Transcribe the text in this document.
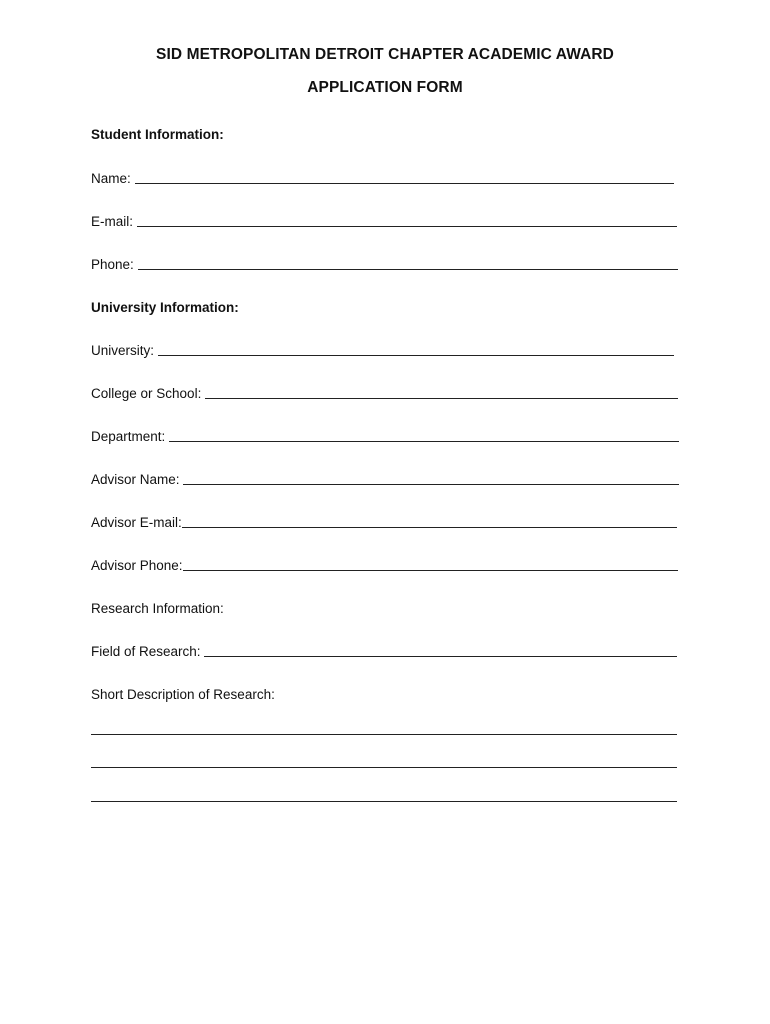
SID METROPOLITAN DETROIT CHAPTER ACADEMIC AWARD
APPLICATION FORM
Student Information:
Name:
E-mail:
Phone:
University Information:
University:
College or School:
Department:
Advisor Name:
Advisor E-mail:
Advisor Phone:
Research Information:
Field of Research:
Short Description of Research:
